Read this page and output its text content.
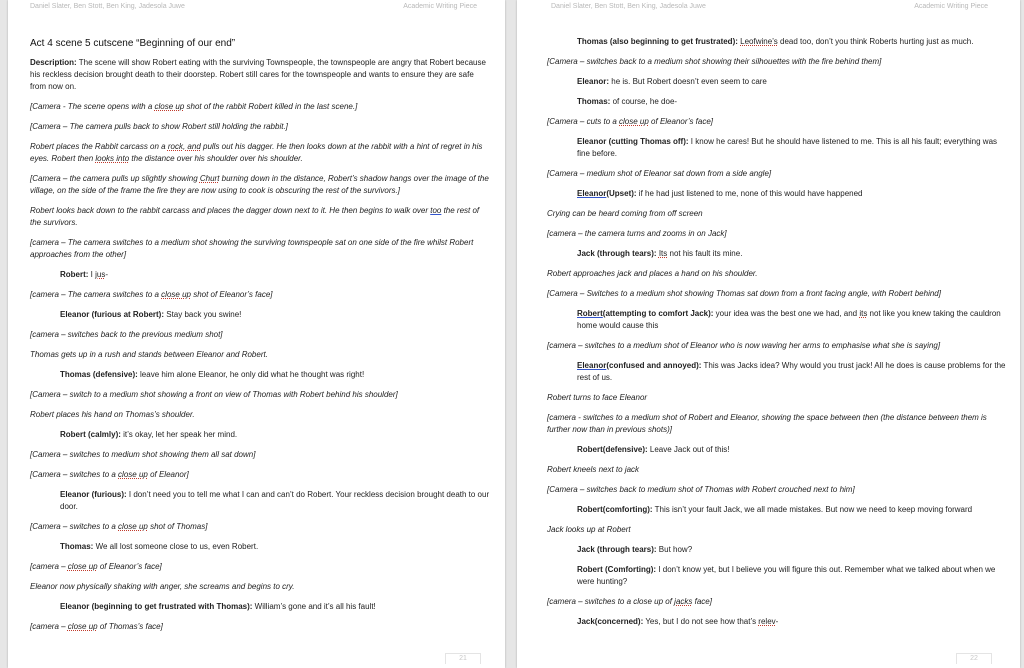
Daniel Slater, Ben Stott, Ben King, Jadesola Juwe	Academic Writing Piece
Act 4 scene 5 cutscene “Beginning of our end”

Description: The scene will show Robert eating with the surviving Townspeople, the townspeople are angry that Robert because his reckless decision brought death to their doorstep. Robert still cares for the townspeople and wants to ensure they are safe from now on.

[Camera - The scene opens with a close up shot of the rabbit Robert killed in the last scene.]

[Camera – The camera pulls back to show Robert still holding the rabbit.]

Robert places the Rabbit carcass on a rock, and pulls out his dagger. He then looks down at the rabbit with a hint of regret in his eyes. Robert then looks into the distance over his shoulder over his shoulder.

[Camera – the camera pulls up slightly showing Churt burning down in the distance, Robert’s shadow hangs over the image of the village, on the side of the frame the fire they are now using to cook is obscuring the rest of the survivors.]

Robert looks back down to the rabbit carcass and places the dagger down next to it. He then begins to walk over too the rest of the survivors.

[camera – The camera switches to a medium shot showing the surviving townspeople sat on one side of the fire whilst Robert approaches from the other]

Robert: I jus-

[camera – The camera switches to a close up shot of Eleanor’s face]

Eleanor (furious at Robert): Stay back you swine!

[camera – switches back to the previous medium shot]

Thomas gets up in a rush and stands between Eleanor and Robert.

Thomas (defensive): leave him alone Eleanor, he only did what he thought was right!

[Camera – switch to a medium shot showing a front on view of Thomas with Robert behind his shoulder]

Robert places his hand on Thomas’s shoulder.

Robert (calmly): it’s okay, let her speak her mind.

[Camera – switches to medium shot showing them all sat down]

[Camera – switches to a close up of Eleanor]

Eleanor (furious): I don’t need you to tell me what I can and can’t do Robert. Your reckless decision brought death to our door.

[Camera – switches to a close up shot of Thomas]

Thomas: We all lost someone close to us, even Robert.

[camera – close up of Eleanor’s face]

Eleanor now physically shaking with anger, she screams and begins to cry.

Eleanor (beginning to get frustrated with Thomas): William’s gone and it’s all his fault!

[camera – close up of Thomas’s face]

21
Daniel Slater, Ben Stott, Ben King, Jadesola Juwe	Academic Writing Piece

Thomas (also beginning to get frustrated): Leofwine’s dead too, don’t you think Roberts hurting just as much.

[Camera – switches back to a medium shot showing their silhouettes with the fire behind them]

Eleanor: he is. But Robert doesn’t even seem to care

Thomas: of course, he doe-

[Camera – cuts to a close up of Eleanor’s face]

Eleanor (cutting Thomas off): I know he cares! But he should have listened to me. This is all his fault; everything was fine before.

[Camera – medium shot of Eleanor sat down from a side angle]

Eleanor(Upset): if he had just listened to me, none of this would have happened

Crying can be heard coming from off screen

[camera – the camera turns and zooms in on Jack]

Jack (through tears): Its not his fault its mine.

Robert approaches jack and places a hand on his shoulder.

[Camera – Switches to a medium shot showing Thomas sat down from a front facing angle, with Robert behind]

Robert(attempting to comfort Jack): your idea was the best one we had, and its not like you knew taking the cauldron home would cause this

[camera – switches to a medium shot of Eleanor who is now waving her arms to emphasise what she is saying]

Eleanor(confused and annoyed): This was Jacks idea? Why would you trust jack! All he does is cause problems for the rest of us.

Robert turns to face Eleanor

[camera - switches to a medium shot of Robert and Eleanor, showing the space between then (the distance between them is further now than in previous shots)]

Robert(defensive): Leave Jack out of this!

Robert kneels next to jack

[Camera – switches back to medium shot of Thomas with Robert crouched next to him]

Robert(comforting): This isn’t your fault Jack, we all made mistakes. But now we need to keep moving forward

Jack looks up at Robert

Jack (through tears): But how?

Robert (Comforting): I don’t know yet, but I believe you will figure this out. Remember what we talked about when we were hunting?

[camera – switches to a close up of jacks face]

Jack(concerned): Yes, but I do not see how that’s relev-

22
